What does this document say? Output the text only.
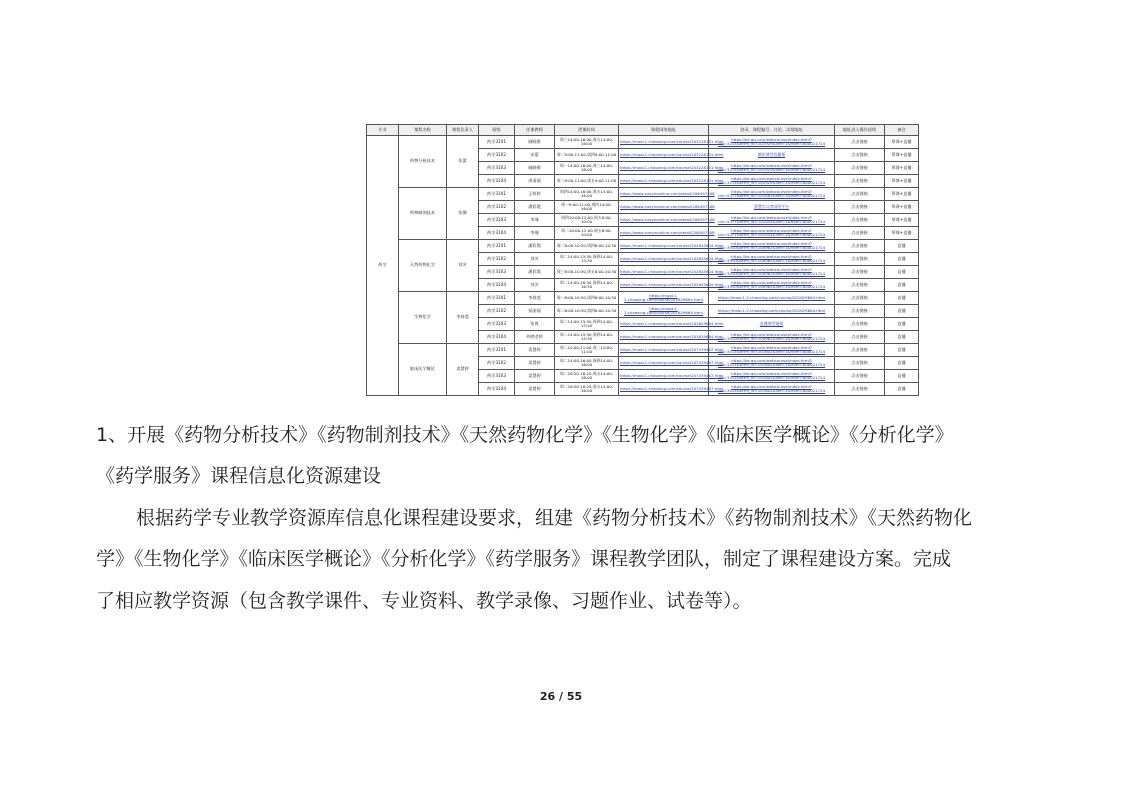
专业	课程名称	课程负责人	班级	任课教师	授课时间	课程网络地址	登录、课程编号、讨论、详细地址	地址进入操作说明	备注
药学	药物分析技术	张蕾	药学3101	顾晓维	周三14:00-16:00,周五14:00-16:00	https://mooc1.chaoxing.com/course/203228131.html	https://ke.qq.com/webcourse/index.html?cid=3214&term_id=101929&lite=1&from=800021724	点击链接	慕课+直播
			药学3102	宋蕾	周二9:00-11:00,周四9:00-11:00	https://mooc1.chaoxing.com/course/203228131.html	腾讯课堂直播课	点击链接	慕课+直播
			药学3103	顾晓维	周一14:00-16:00,周三14:00-16:00	https://mooc1.chaoxing.com/course/203228131.html	https://ke.qq.com/webcourse/index.html?cid=3214&term_id=101929&lite=1&from=800021724	点击链接	慕课+直播
			药学3104	周清丽	周二9:00-11:00,周五9:00-11:00	https://mooc1.chaoxing.com/course/203228131.html	https://ke.qq.com/webcourse/index.html?cid=3214&term_id=101929&lite=1&from=800021724	点击链接	慕课+直播
	药物制剂技术	张娜	药学3101	王婷婷	周四14:00-16:00,周五14:00-16:00	https://www.xueyinonline.com/detail/206497508	https://ke.qq.com/webcourse/index.html?cid=5377&term_id=101081&lite=1&from=800021724	点击链接	慕课+直播
			药学3102	潘彩霞	周一9:00-11:00,周四14:00-16:00	https://www.xueyinonline.com/detail/206497508	智慧学习者网络平台	点击链接	慕课+直播
			药学3103	李瑾	周四10:00-12:00,周五8:00-10:00	https://www.xueyinonline.com/detail/206497508	https://ke.qq.com/webcourse/index.html?cid=5377&term_id=101054&lite=1&from=800021724	点击链接	慕课+直播
			药学3104	李瑾	周二10:00-12:00,周五8:00-10:00	https://www.xueyinonline.com/detail/206497508	https://ke.qq.com/webcourse/index.html?cid=5377&term_id=101054&lite=1&from=800021724	点击链接	慕课+直播
	天然药物化学	刘芳	药学3101	潘彩霞	周二8:00-10:30,周四8:00-10:30	https://mooc1.chaoxing.com/course/202845604.html	https://ke.qq.com/webcourse/index.html?cid=3910&term_id=100962&lite=1&from=800021724	点击链接	直播
			药学3102	刘芳	周二14:00-15:30,周四14:00-15:30	https://mooc1.chaoxing.com/course/202845604.html	https://ke.qq.com/webcourse/index.html?cid=3910&term_id=100962&lite=1&from=800021724	点击链接	直播
			药学3103	潘彩霞	周三8:00-10:30,周五8:00-10:30	https://mooc1.chaoxing.com/course/202845604.html	https://ke.qq.com/webcourse/index.html?cid=3910&term_id=100962&lite=1&from=800021724	点击链接	直播
			药学3104	刘芳	周二14:00-16:30,周四14:00-16:30	https://mooc1.chaoxing.com/course/202845604.html	https://ke.qq.com/webcourse/index.html?cid=3910&term_id=100962&lite=1&from=800021724	点击链接	直播
	生物化学	李春莲	药学3101	李春莲	周一8:00-10:30,周四8:00-10:30	https://mooc1-2.chaoxing.com/course/201629664.html	https://mooc1-2.chaoxing.com/course/201629664.html	点击链接	直播
			药学3102	侯丽丽	周二8:00-10:30,周四8:00-10:30	https://mooc1-2.chaoxing.com/course/201629664.html	https://mooc1-2.chaoxing.com/course/201629664.html	点击链接	直播
			药学3103	张爽	周二14:00-15:30,周四14:00-15:30	https://mooc1.chaoxing.com/course/201629664.html	直播课堂链接	点击链接	直播
			药学3104	外聘老师	周二14:00-15:30,周四14:00-15:30	https://mooc1.chaoxing.com/course/201629664.html	https://ke.qq.com/webcourse/index.html?cid=3910&term_id=100962&lite=1&from=800021724	点击链接	直播
	临床医学概论	姜慧婷	药学3101	姜慧婷	周二10:00-11:00,周三10:00-11:00	https://mooc1.chaoxing.com/course/207439467.html	https://ke.qq.com/webcourse/index.html?cid=3414&term_id=101602&lite=1&from=800021724	点击链接	直播
			药学3102	姜慧婷	周二14:00-16:00,周四14:00-16:00	https://mooc1.chaoxing.com/course/207439467.html	https://ke.qq.com/webcourse/index.html?cid=3414&term_id=101602&lite=1&from=800021724	点击链接	直播
			药学3103	姜慧婷	周二16:20-18:20,周五14:00-16:00	https://mooc1.chaoxing.com/course/207439467.html	https://ke.qq.com/webcourse/index.html?cid=3414&term_id=101602&lite=1&from=800021724	点击链接	直播
			药学3104	姜慧婷	周二16:20-18:20,周五14:00-16:00	https://mooc1.chaoxing.com/course/207439467.html	https://ke.qq.com/webcourse/index.html?cid=3414&term_id=101602&lite=1&from=800021724	点击链接	直播

1、开展《药物分析技术》《药物制剂技术》《天然药物化学》《生物化学》《临床医学概论》《分析化学》

《药学服务》课程信息化资源建设

根据药学专业教学资源库信息化课程建设要求，组建《药物分析技术》《药物制剂技术》《天然药物化

学》《生物化学》《临床医学概论》《分析化学》《药学服务》课程教学团队，制定了课程建设方案。完成

了相应教学资源（包含教学课件、专业资料、教学录像、习题作业、试卷等）。

26 / 55
